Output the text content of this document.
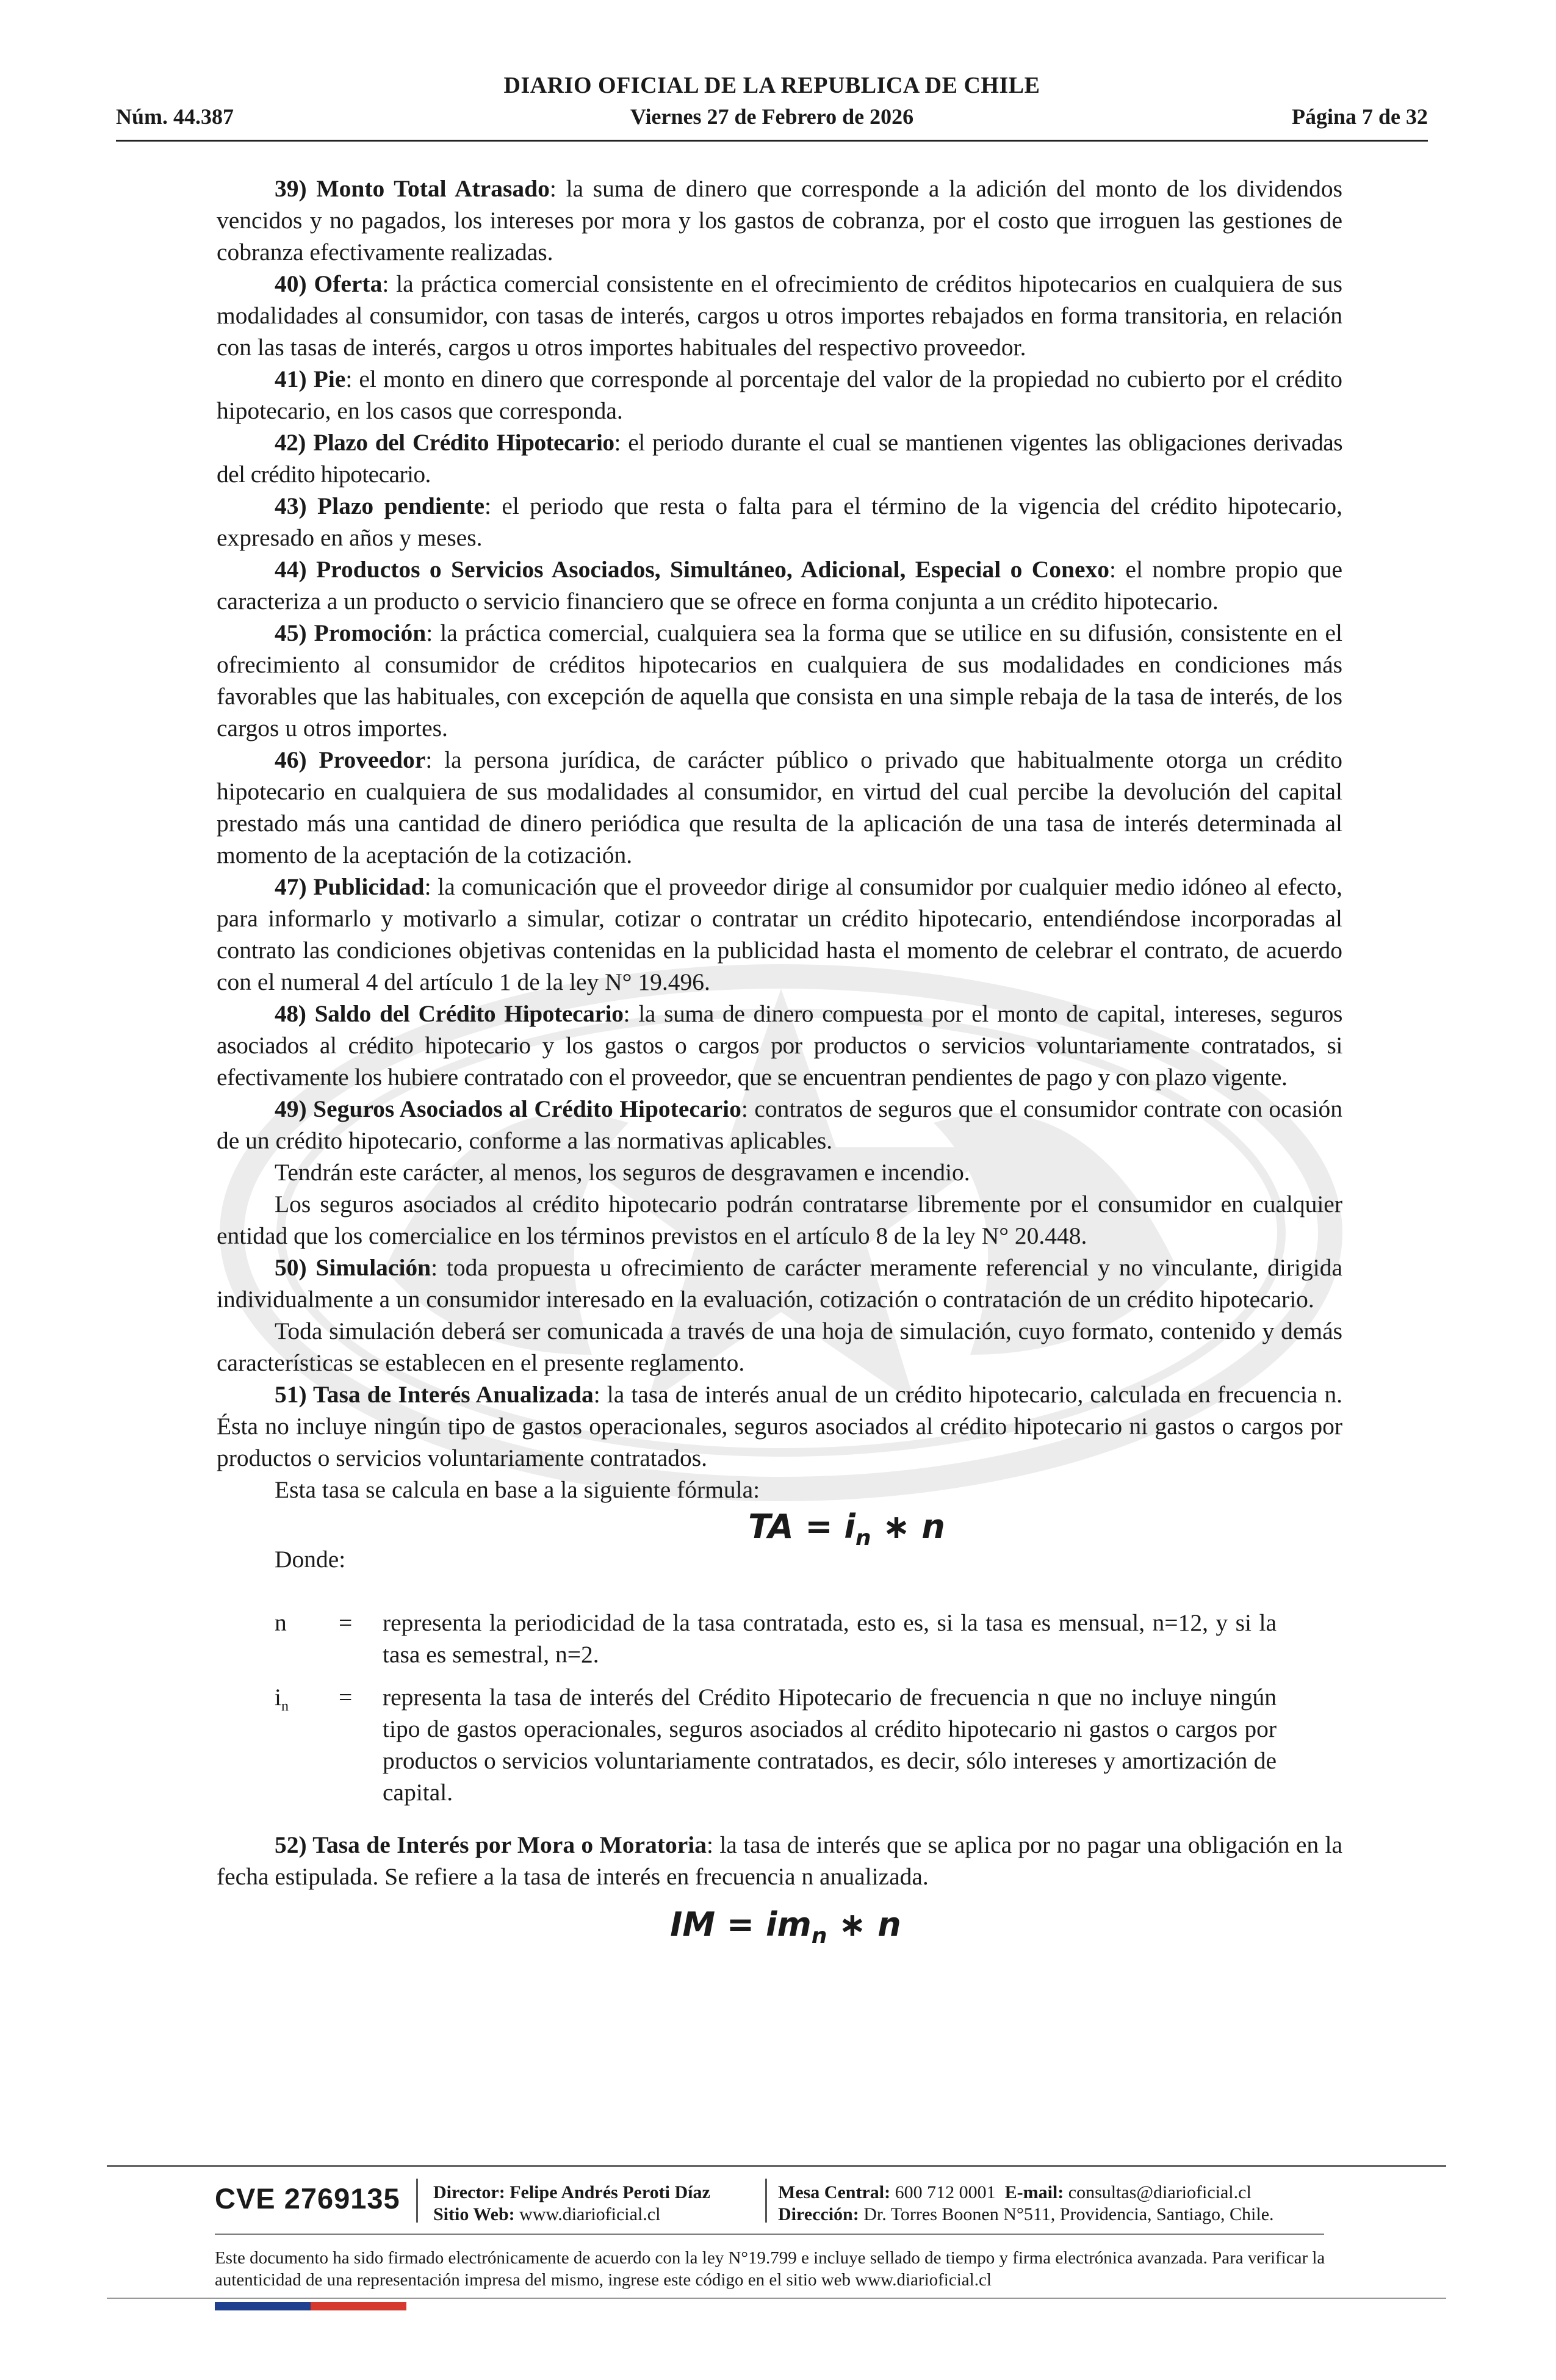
DIARIO OFICIAL DE LA REPUBLICA DE CHILE
Núm. 44.387	Viernes 27 de Febrero de 2026	Página 7 de 32

39) Monto Total Atrasado: la suma de dinero que corresponde a la adición del monto de los dividendos vencidos y no pagados, los intereses por mora y los gastos de cobranza, por el costo que irroguen las gestiones de cobranza efectivamente realizadas.

40) Oferta: la práctica comercial consistente en el ofrecimiento de créditos hipotecarios en cualquiera de sus modalidades al consumidor, con tasas de interés, cargos u otros importes rebajados en forma transitoria, en relación con las tasas de interés, cargos u otros importes habituales del respectivo proveedor.

41) Pie: el monto en dinero que corresponde al porcentaje del valor de la propiedad no cubierto por el crédito hipotecario, en los casos que corresponda.

42) Plazo del Crédito Hipotecario: el periodo durante el cual se mantienen vigentes las obligaciones derivadas del crédito hipotecario.

43) Plazo pendiente: el periodo que resta o falta para el término de la vigencia del crédito hipotecario, expresado en años y meses.

44) Productos o Servicios Asociados, Simultáneo, Adicional, Especial o Conexo: el nombre propio que caracteriza a un producto o servicio financiero que se ofrece en forma conjunta a un crédito hipotecario.

45) Promoción: la práctica comercial, cualquiera sea la forma que se utilice en su difusión, consistente en el ofrecimiento al consumidor de créditos hipotecarios en cualquiera de sus modalidades en condiciones más favorables que las habituales, con excepción de aquella que consista en una simple rebaja de la tasa de interés, de los cargos u otros importes.

46) Proveedor: la persona jurídica, de carácter público o privado que habitualmente otorga un crédito hipotecario en cualquiera de sus modalidades al consumidor, en virtud del cual percibe la devolución del capital prestado más una cantidad de dinero periódica que resulta de la aplicación de una tasa de interés determinada al momento de la aceptación de la cotización.

47) Publicidad: la comunicación que el proveedor dirige al consumidor por cualquier medio idóneo al efecto, para informarlo y motivarlo a simular, cotizar o contratar un crédito hipotecario, entendiéndose incorporadas al contrato las condiciones objetivas contenidas en la publicidad hasta el momento de celebrar el contrato, de acuerdo con el numeral 4 del artículo 1 de la ley N° 19.496.

48) Saldo del Crédito Hipotecario: la suma de dinero compuesta por el monto de capital, intereses, seguros asociados al crédito hipotecario y los gastos o cargos por productos o servicios voluntariamente contratados, si efectivamente los hubiere contratado con el proveedor, que se encuentran pendientes de pago y con plazo vigente.

49) Seguros Asociados al Crédito Hipotecario: contratos de seguros que el consumidor contrate con ocasión de un crédito hipotecario, conforme a las normativas aplicables.

Tendrán este carácter, al menos, los seguros de desgravamen e incendio.

Los seguros asociados al crédito hipotecario podrán contratarse libremente por el consumidor en cualquier entidad que los comercialice en los términos previstos en el artículo 8 de la ley N° 20.448.

50) Simulación: toda propuesta u ofrecimiento de carácter meramente referencial y no vinculante, dirigida individualmente a un consumidor interesado en la evaluación, cotización o contratación de un crédito hipotecario.

Toda simulación deberá ser comunicada a través de una hoja de simulación, cuyo formato, contenido y demás características se establecen en el presente reglamento.

51) Tasa de Interés Anualizada: la tasa de interés anual de un crédito hipotecario, calculada en frecuencia n. Ésta no incluye ningún tipo de gastos operacionales, seguros asociados al crédito hipotecario ni gastos o cargos por productos o servicios voluntariamente contratados.

Esta tasa se calcula en base a la siguiente fórmula:

TA = $i_n$ ∗ n

Donde:

n	=	representa la periodicidad de la tasa contratada, esto es, si la tasa es mensual, n=12, y si la tasa es semestral, n=2.
$i_n$	=	representa la tasa de interés del Crédito Hipotecario de frecuencia n que no incluye ningún tipo de gastos operacionales, seguros asociados al crédito hipotecario ni gastos o cargos por productos o servicios voluntariamente contratados, es decir, sólo intereses y amortización de capital.

52) Tasa de Interés por Mora o Moratoria: la tasa de interés que se aplica por no pagar una obligación en la fecha estipulada. Se refiere a la tasa de interés en frecuencia n anualizada.

IM = $im_n$ ∗ n

CVE 2769135 Director: Felipe Andrés Peroti Díaz
Sitio Web: www.diarioficial.cl
Mesa Central: 600 712 0001 E-mail: consultas@diarioficial.cl
Dirección: Dr. Torres Boonen N°511, Providencia, Santiago, Chile.
Este documento ha sido firmado electrónicamente de acuerdo con la ley N°19.799 e incluye sellado de tiempo y firma electrónica avanzada. Para verificar la autenticidad de una representación impresa del mismo, ingrese este código en el sitio web www.diarioficial.cl
